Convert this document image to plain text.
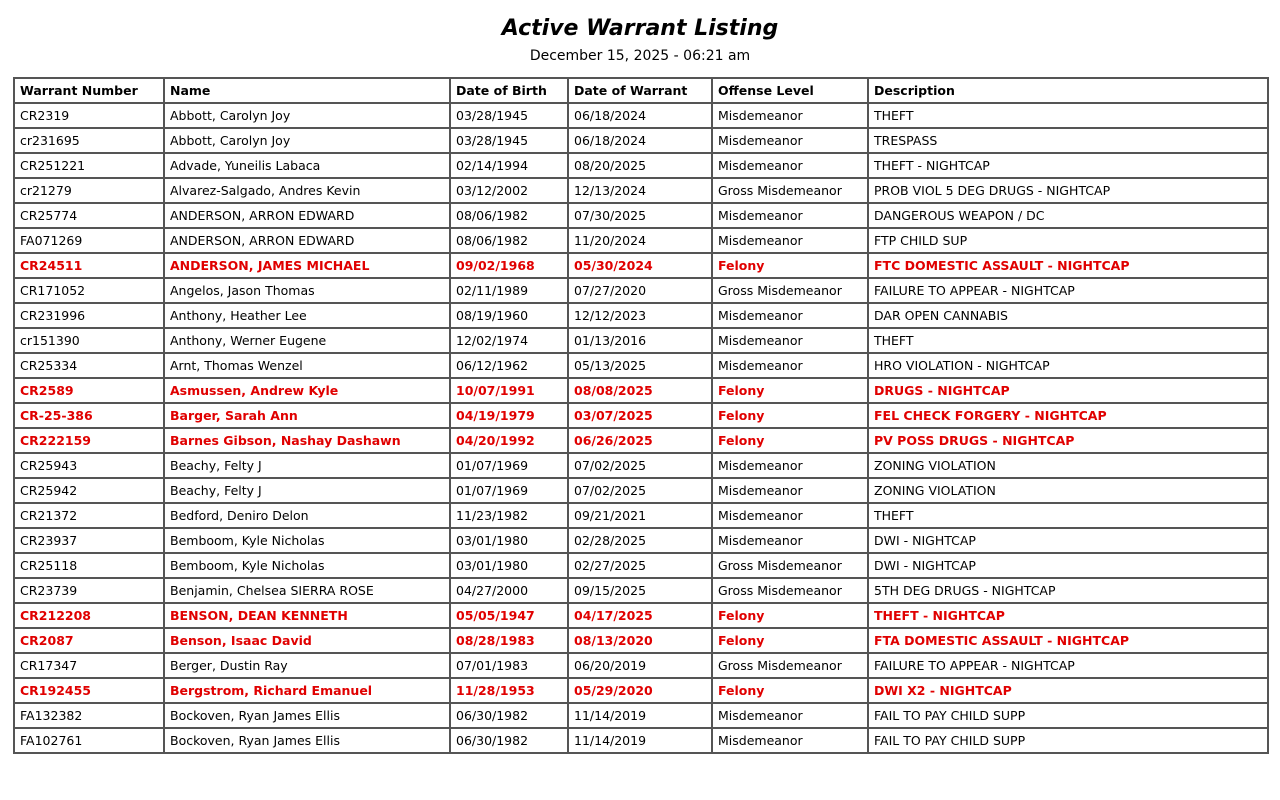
Active Warrant Listing
December 15, 2025 - 06:21 am
Warrant Number	Name	Date of Birth	Date of Warrant	Offense Level	Description
CR2319	Abbott, Carolyn Joy	03/28/1945	06/18/2024	Misdemeanor	THEFT
cr231695	Abbott, Carolyn Joy	03/28/1945	06/18/2024	Misdemeanor	TRESPASS
CR251221	Advade, Yuneilis Labaca	02/14/1994	08/20/2025	Misdemeanor	THEFT - NIGHTCAP
cr21279	Alvarez-Salgado, Andres Kevin	03/12/2002	12/13/2024	Gross Misdemeanor	PROB VIOL 5 DEG DRUGS - NIGHTCAP
CR25774	ANDERSON, ARRON EDWARD	08/06/1982	07/30/2025	Misdemeanor	DANGEROUS WEAPON / DC
FA071269	ANDERSON, ARRON EDWARD	08/06/1982	11/20/2024	Misdemeanor	FTP CHILD SUP
CR24511	ANDERSON, JAMES MICHAEL	09/02/1968	05/30/2024	Felony	FTC DOMESTIC ASSAULT - NIGHTCAP
CR171052	Angelos, Jason Thomas	02/11/1989	07/27/2020	Gross Misdemeanor	FAILURE TO APPEAR - NIGHTCAP
CR231996	Anthony, Heather Lee	08/19/1960	12/12/2023	Misdemeanor	DAR OPEN CANNABIS
cr151390	Anthony, Werner Eugene	12/02/1974	01/13/2016	Misdemeanor	THEFT
CR25334	Arnt, Thomas Wenzel	06/12/1962	05/13/2025	Misdemeanor	HRO VIOLATION - NIGHTCAP
CR2589	Asmussen, Andrew Kyle	10/07/1991	08/08/2025	Felony	DRUGS - NIGHTCAP
CR-25-386	Barger, Sarah Ann	04/19/1979	03/07/2025	Felony	FEL CHECK FORGERY - NIGHTCAP
CR222159	Barnes Gibson, Nashay Dashawn	04/20/1992	06/26/2025	Felony	PV POSS DRUGS - NIGHTCAP
CR25943	Beachy, Felty J	01/07/1969	07/02/2025	Misdemeanor	ZONING VIOLATION
CR25942	Beachy, Felty J	01/07/1969	07/02/2025	Misdemeanor	ZONING VIOLATION
CR21372	Bedford, Deniro Delon	11/23/1982	09/21/2021	Misdemeanor	THEFT
CR23937	Bemboom, Kyle Nicholas	03/01/1980	02/28/2025	Misdemeanor	DWI - NIGHTCAP
CR25118	Bemboom, Kyle Nicholas	03/01/1980	02/27/2025	Gross Misdemeanor	DWI - NIGHTCAP
CR23739	Benjamin, Chelsea SIERRA ROSE	04/27/2000	09/15/2025	Gross Misdemeanor	5TH DEG DRUGS - NIGHTCAP
CR212208	BENSON, DEAN KENNETH	05/05/1947	04/17/2025	Felony	THEFT - NIGHTCAP
CR2087	Benson, Isaac David	08/28/1983	08/13/2020	Felony	FTA DOMESTIC ASSAULT - NIGHTCAP
CR17347	Berger, Dustin Ray	07/01/1983	06/20/2019	Gross Misdemeanor	FAILURE TO APPEAR - NIGHTCAP
CR192455	Bergstrom, Richard Emanuel	11/28/1953	05/29/2020	Felony	DWI X2 - NIGHTCAP
FA132382	Bockoven, Ryan James Ellis	06/30/1982	11/14/2019	Misdemeanor	FAIL TO PAY CHILD SUPP
FA102761	Bockoven, Ryan James Ellis	06/30/1982	11/14/2019	Misdemeanor	FAIL TO PAY CHILD SUPP
